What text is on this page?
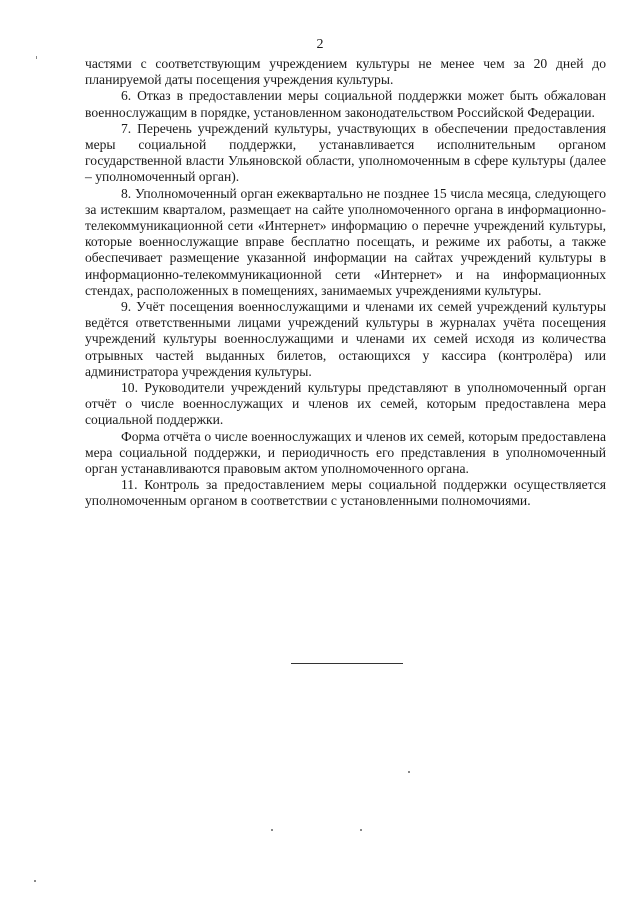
2

частями с соответствующим учреждением культуры не менее чем за 20 дней до планируемой даты посещения учреждения культуры.

6. Отказ в предоставлении меры социальной поддержки может быть обжалован военнослужащим в порядке, установленном законодательством Российской Федерации.

7. Перечень учреждений культуры, участвующих в обеспечении предоставления меры социальной поддержки, устанавливается исполнительным органом государственной власти Ульяновской области, уполномоченным в сфере культуры (далее – уполномоченный орган).

8. Уполномоченный орган ежеквартально не позднее 15 числа месяца, следующего за истекшим кварталом, размещает на сайте уполномоченного органа в информационно-телекоммуникационной сети «Интернет» информацию о перечне учреждений культуры, которые военнослужащие вправе бесплатно посещать, и режиме их работы, а также обеспечивает размещение указанной информации на сайтах учреждений культуры в информационно-телекоммуникационной сети «Интернет» и на информационных стендах, расположенных в помещениях, занимаемых учреждениями культуры.

9. Учёт посещения военнослужащими и членами их семей учреждений культуры ведётся ответственными лицами учреждений культуры в журналах учёта посещения учреждений культуры военнослужащими и членами их семей исходя из количества отрывных частей выданных билетов, остающихся у кассира (контролёра) или администратора учреждения культуры.

10. Руководители учреждений культуры представляют в уполномоченный орган отчёт о числе военнослужащих и членов их семей, которым предоставлена мера социальной поддержки.

Форма отчёта о числе военнослужащих и членов их семей, которым предоставлена мера социальной поддержки, и периодичность его представления в уполномоченный орган устанавливаются правовым актом уполномоченного органа.

11. Контроль за предоставлением меры социальной поддержки осуществляется уполномоченным органом в соответствии с установленными полномочиями.
